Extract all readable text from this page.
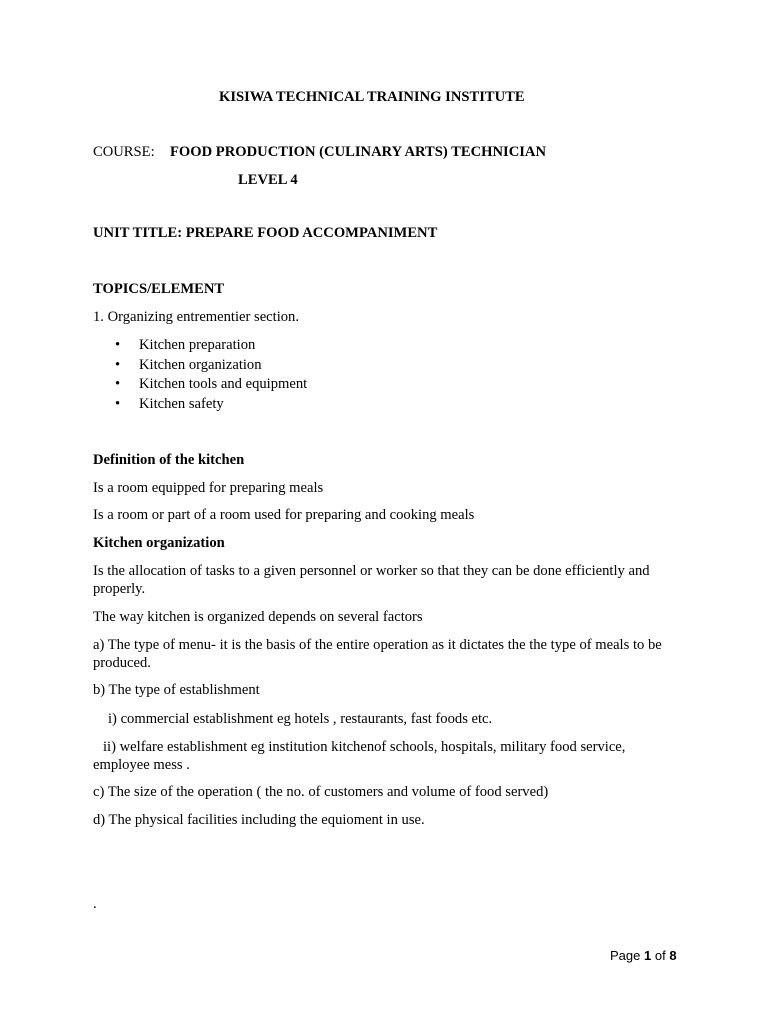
KISIWA TECHNICAL TRAINING INSTITUTE
COURSE: FOOD PRODUCTION (CULINARY ARTS) TECHNICIAN
LEVEL 4
UNIT TITLE: PREPARE FOOD ACCOMPANIMENT
TOPICS/ELEMENT
1. Organizing entrementier section.
• Kitchen preparation
• Kitchen organization
• Kitchen tools and equipment
• Kitchen safety
Definition of the kitchen
Is a room equipped for preparing meals
Is a room or part of a room used for preparing and cooking meals
Kitchen organization
Is the allocation of tasks to a given personnel or worker so that they can be done efficiently and properly.
The way kitchen is organized depends on several factors
a) The type of menu- it is the basis of the entire operation as it dictates the the type of meals to be produced.
b) The type of establishment
i) commercial establishment eg hotels , restaurants, fast foods etc.
ii) welfare establishment eg institution kitchenof schools, hospitals, military food service, employee mess .
c) The size of the operation ( the no. of customers and volume of food served)
d) The physical facilities including the equioment in use.
.
Page 1 of 8
